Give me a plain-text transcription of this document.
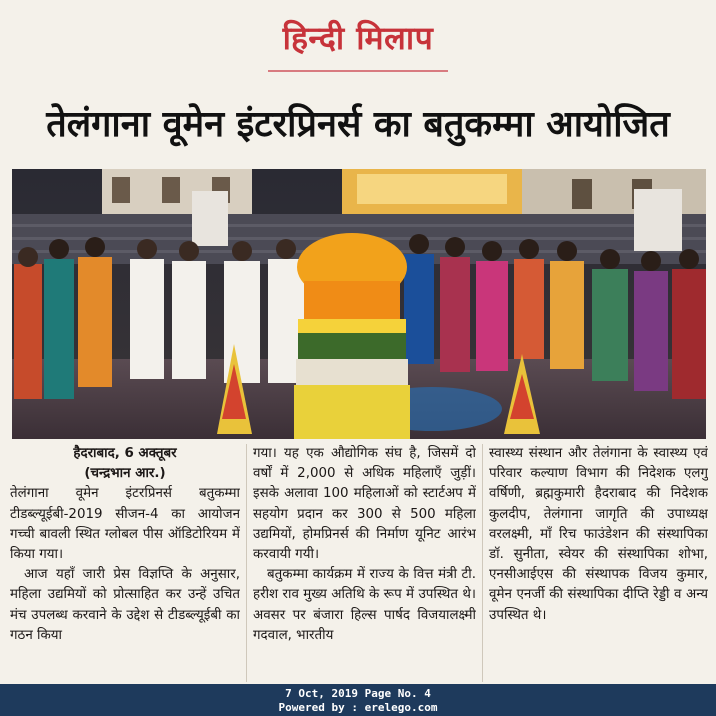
हिन्दी मिलाप
तेलंगाना वूमेन इंटरप्रिनर्स का बतुकम्मा आयोजित
हैदराबाद, 6 अक्तूबर
(चन्द्रभान आर.)
तेलंगाना वूमेन इंटरप्रिनर्स बतुकम्मा टीडब्ल्यूईबी-2019 सीजन-4 का आयोजन गच्ची बावली स्थित ग्लोबल पीस ऑडिटोरियम में किया गया।
आज यहाँ जारी प्रेस विज्ञप्ति के अनुसार, महिला उद्यमियों को प्रोत्साहित कर उन्हें उचित मंच उपलब्ध करवाने के उद्देश से टीडब्ल्यूईबी का गठन किया
गया। यह एक औद्योगिक संघ है, जिसमें दो वर्षों में 2,000 से अधिक महिलाएँ जुड़ीं। इसके अलावा 100 महिलाओं को स्टार्टअप में सहयोग प्रदान कर 300 से 500 महिला उद्यमियों, होमप्रिनर्स की निर्माण यूनिट आरंभ करवायी गयी।
बतुकम्मा कार्यक्रम में राज्य के वित्त मंत्री टी. हरीश राव मुख्य अतिथि के रूप में उपस्थित थे। अवसर पर बंजारा हिल्स पार्षद विजयालक्ष्मी गदवाल, भारतीय
स्वास्थ्य संस्थान और तेलंगाना के स्वास्थ्य एवं परिवार कल्याण विभाग की निदेशक एलगु वर्षिणी, ब्रह्मकुमारी हैदराबाद की निदेशक कुलदीप, तेलंगाना जागृति की उपाध्यक्ष वरलक्ष्मी, माँ रिच फाउंडेशन की संस्थापिका डॉ. सुनीता, स्वेयर की संस्थापिका शोभा, एनसीआईएस की संस्थापक विजय कुमार, वूमेन एनर्जी की संस्थापिका दीप्ति रेड्डी व अन्य उपस्थित थे।
7 Oct, 2019 Page No. 4
Powered by : erelego.com
